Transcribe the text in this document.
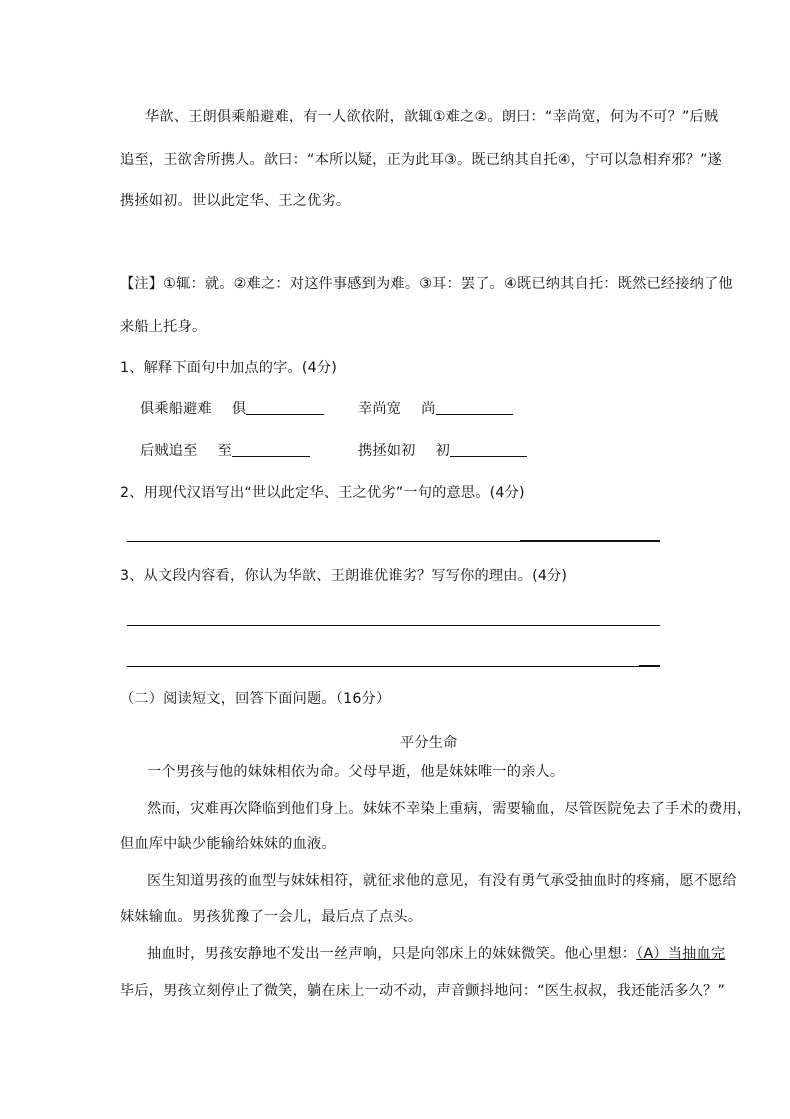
华歆、王朗俱乘船避难，有一人欲依附，歆辄①难之②。朗曰：“幸尚宽，何为不可？”后贼
追至，王欲舍所携人。歆曰：“本所以疑，正为此耳③。既已纳其自托④，宁可以急相弃邪？”遂
携拯如初。世以此定华、王之优劣。
【注】①辄：就。②难之：对这件事感到为难。③耳：罢了。④既已纳其自托：既然已经接纳了他
来船上托身。
1、解释下面句中加点的字。(4分)
俱乘船避难 俱	幸尚宽 尚
后贼追至 至	携拯如初 初
2、用现代汉语写出“世以此定华、王之优劣”一句的意思。(4分)
3、从文段内容看，你认为华歆、王朗谁优谁劣？写写你的理由。(4分)
（二）阅读短文，回答下面问题。（16分）
平分生命
一个男孩与他的妹妹相依为命。父母早逝，他是妹妹唯一的亲人。
然而，灾难再次降临到他们身上。妹妹不幸染上重病，需要输血，尽管医院免去了手术的费用，
但血库中缺少能输给妹妹的血液。
医生知道男孩的血型与妹妹相符，就征求他的意见，有没有勇气承受抽血时的疼痛，愿不愿给
妹妹输血。男孩犹豫了一会儿，最后点了点头。
抽血时，男孩安静地不发出一丝声响，只是向邻床上的妹妹微笑。他心里想：（A）当抽血完
毕后，男孩立刻停止了微笑，躺在床上一动不动，声音颤抖地问：“医生叔叔，我还能活多久？”
